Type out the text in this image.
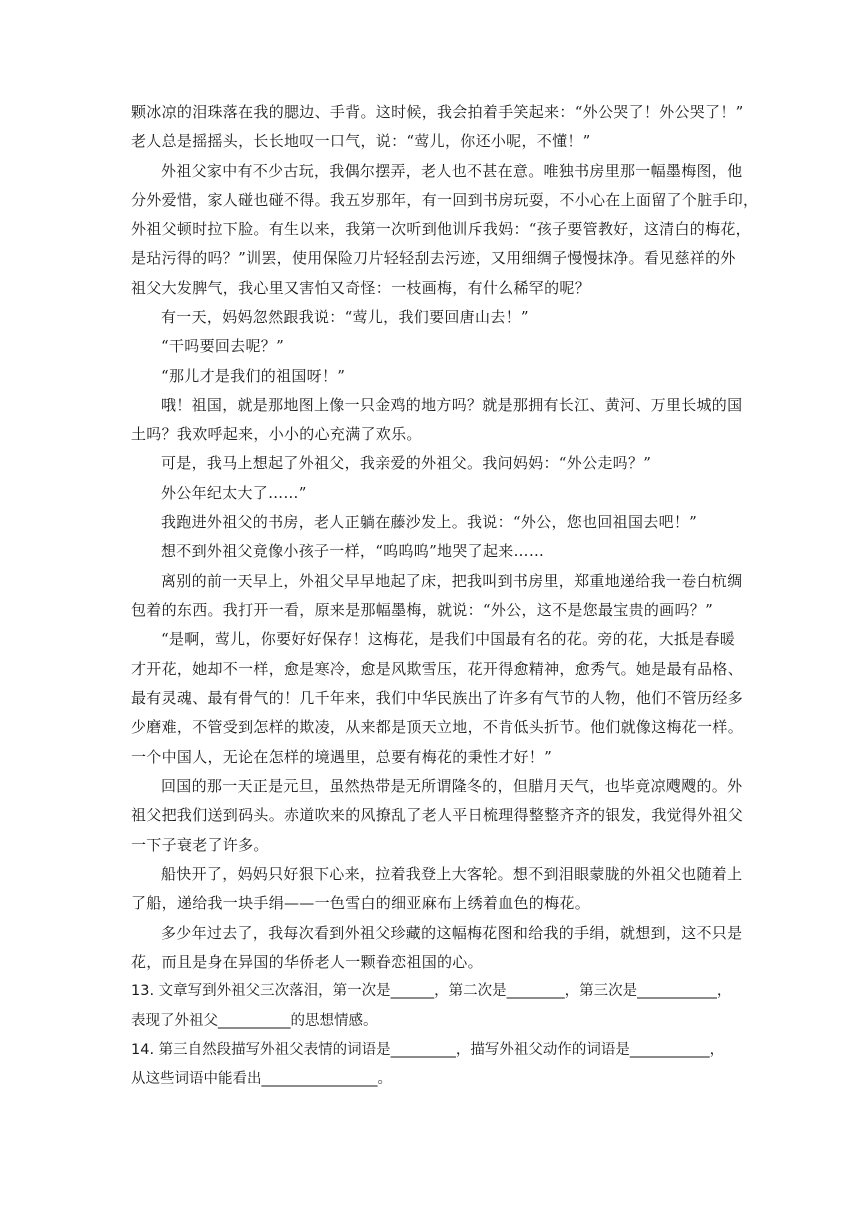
颗冰凉的泪珠落在我的腮边、手背。这时候，我会拍着手笑起来：“外公哭了！外公哭了！”
老人总是摇摇头，长长地叹一口气，说：“莺儿，你还小呢，不懂！”
外祖父家中有不少古玩，我偶尔摆弄，老人也不甚在意。唯独书房里那一幅墨梅图，他
分外爱惜，家人碰也碰不得。我五岁那年，有一回到书房玩耍，不小心在上面留了个脏手印，
外祖父顿时拉下脸。有生以来，我第一次听到他训斥我妈：“孩子要管教好，这清白的梅花，
是玷污得的吗？”训罢，使用保险刀片轻轻刮去污迹，又用细绸子慢慢抹净。看见慈祥的外
祖父大发脾气，我心里又害怕又奇怪：一枝画梅，有什么稀罕的呢？
有一天，妈妈忽然跟我说：“莺儿，我们要回唐山去！”
“干吗要回去呢？”
“那儿才是我们的祖国呀！”
哦！祖国，就是那地图上像一只金鸡的地方吗？就是那拥有长江、黄河、万里长城的国
土吗？我欢呼起来，小小的心充满了欢乐。
可是，我马上想起了外祖父，我亲爱的外祖父。我问妈妈：“外公走吗？”
外公年纪太大了……”
我跑进外祖父的书房，老人正躺在藤沙发上。我说：“外公，您也回祖国去吧！”
想不到外祖父竟像小孩子一样，“呜呜呜”地哭了起来……
离别的前一天早上，外祖父早早地起了床，把我叫到书房里，郑重地递给我一卷白杭绸
包着的东西。我打开一看，原来是那幅墨梅，就说：“外公，这不是您最宝贵的画吗？”
“是啊，莺儿，你要好好保存！这梅花，是我们中国最有名的花。旁的花，大抵是春暖
才开花，她却不一样，愈是寒冷，愈是风欺雪压，花开得愈精神，愈秀气。她是最有品格、
最有灵魂、最有骨气的！几千年来，我们中华民族出了许多有气节的人物，他们不管历经多
少磨难，不管受到怎样的欺凌，从来都是顶天立地，不肯低头折节。他们就像这梅花一样。
一个中国人，无论在怎样的境遇里，总要有梅花的秉性才好！”
回国的那一天正是元旦，虽然热带是无所谓隆冬的，但腊月天气，也毕竟凉飕飕的。外
祖父把我们送到码头。赤道吹来的风撩乱了老人平日梳理得整整齐齐的银发，我觉得外祖父
一下子衰老了许多。
船快开了，妈妈只好狠下心来，拉着我登上大客轮。想不到泪眼蒙胧的外祖父也随着上
了船，递给我一块手绢——一色雪白的细亚麻布上绣着血色的梅花。
多少年过去了，我每次看到外祖父珍藏的这幅梅花图和给我的手绢，就想到，这不只是
花，而且是身在异国的华侨老人一颗眷恋祖国的心。
13. 文章写到外祖父三次落泪，第一次是______，第二次是________，第三次是___________，
表现了外祖父__________的思想情感。
14. 第三自然段描写外祖父表情的词语是_________，描写外祖父动作的词语是___________，
从这些词语中能看出________________。
